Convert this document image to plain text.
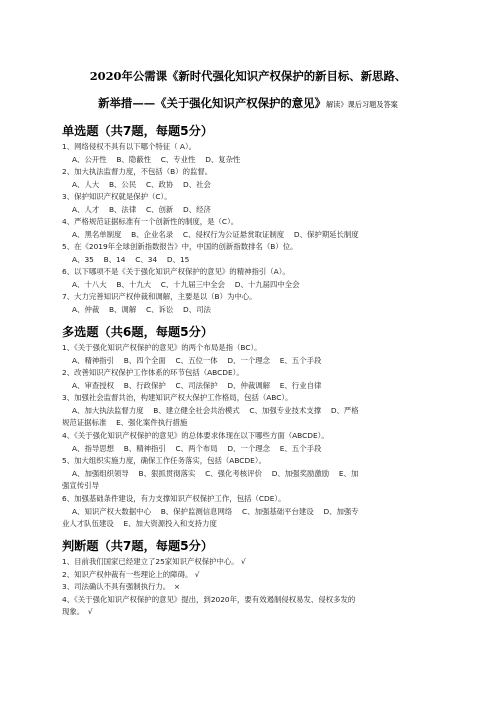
2020年公需课《新时代强化知识产权保护的新目标、新思路、
新举措——《关于强化知识产权保护的意见》解读》课后习题及答案
单选题（共7题，每题5分）
1、网络侵权不具有以下哪个特征（ A）。
A、公开性　 B、隐蔽性　 C、专业性　 D、复杂性
2、加大执法监督力度，不包括（B）的监督。
A、人大　 B、公民　 C、政协　 D、社会
3、保护知识产权就是保护（C）。
A、人才　 B、法律　 C、创新　 D、经济
4、严格规范证据标准有一个创新性的制度，是（C）。
A、黑名单制度　 B、企业名录　 C、侵权行为公证悬赏取证制度　 D、保护期延长制度
5、在《2019年全球创新指数报告》中，中国的创新指数排名（B）位。
A、35　 B、14　 C、34　 D、15
6、以下哪项不是《关于强化知识产权保护的意见》的精神指引（A）。
A、十八大　 B、十九大　 C、十九届三中全会　 D、十九届四中全会
7、大力完善知识产权仲裁和调解，主要是以（B）为中心。
A、仲裁　 B、调解　 C、诉讼　 D、司法
多选题（共6题，每题5分）
1、《关于强化知识产权保护的意见》的两个布局是指（BC）。
A、精神指引　 B、四个全面　 C、五位一体　 D、一个理念　 E、五个手段
2、改善知识产权保护工作体系的环节包括（ABCDE）。
A、审查授权　 B、行政保护　 C、司法保护　 D、仲裁调解　 E、行业自律
3、加强社会监督共治，构建知识产权大保护工作格局，包括（ABC）。
A、加大执法监督力度　 B、建立健全社会共治模式　 C、加强专业技术支撑　 D、严格
规范证据标准　 E、强化案件执行措施
4、《关于强化知识产权保护的意见》的总体要求体现在以下哪些方面（ABCDE）。
A、指导思想　 B、精神指引　 C、两个布局　 D、一个理念　 E、五个手段
5、加大组织实施力度，确保工作任务落实，包括（ABCDE）。
A、加强组织领导　 B、狠抓贯彻落实　 C、强化考核评价　 D、加强奖励激励　 E、加
强宣传引导
6、加强基础条件建设，有力支撑知识产权保护工作，包括（CDE）。
A、知识产权大数据中心　 B、保护监测信息网络　 C、加强基础平台建设　 D、加强专
业人才队伍建设　 E、加大资源投入和支持力度
判断题（共7题，每题5分）
1、目前我们国家已经建立了25家知识产权保护中心。 √
2、知识产权仲裁有一些理论上的障碍。 √
3、司法确认不具有强制执行力。　×
4、《关于强化知识产权保护的意见》提出，到2020年，要有效遏制侵权易发、侵权多发的
现象。　√
